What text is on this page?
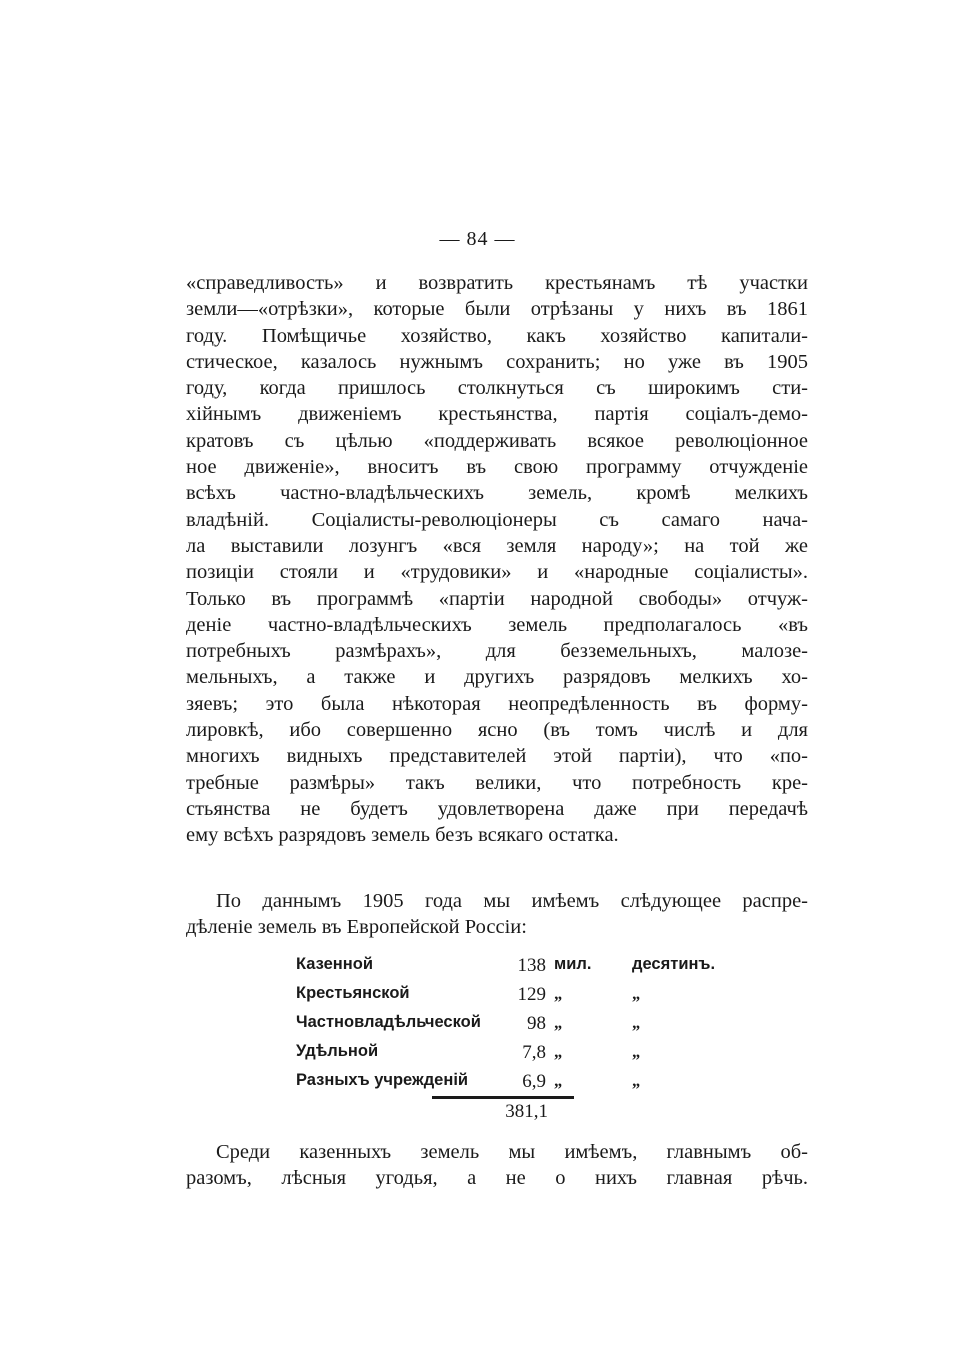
— 84 —
«справедливость» и возвратить крестьянамъ тѣ участки
земли—«отрѣзки», которые были отрѣзаны у нихъ въ 1861
году. Помѣщичье хозяйство, какъ хозяйство капитали-
стическое, казалось нужнымъ сохранить; но уже въ 1905
году, когда пришлось столкнуться съ широкимъ сти-
хійнымъ движеніемъ крестьянства, партія соціалъ-демо-
кратовъ съ цѣлью «поддерживать всякое революціонное
ное движеніе», вноситъ въ свою программу отчужденіе
всѣхъ частно-владѣльческихъ земель, кромѣ мелкихъ
владѣній. Соціалисты-революціонеры съ самаго нача-
ла выставили лозунгъ «вся земля народу»; на той же
позиціи стояли и «трудовики» и «народные соціалисты».
Только въ программѣ «партіи народной свободы» отчуж-
деніе частно-владѣльческихъ земель предполагалось «въ
потребныхъ размѣрахъ», для безземельныхъ, малозе-
мельныхъ, а также и другихъ разрядовъ мелкихъ хо-
зяевъ; это была нѣкоторая неопредѣленность въ форму-
лировкѣ, ибо совершенно ясно (въ томъ числѣ и для
многихъ видныхъ представителей этой партіи), что «по-
требные размѣры» такъ велики, что потребность кре-
стьянства не будетъ удовлетворена даже при передачѣ
ему всѣхъ разрядовъ земель безъ всякаго остатка.
По даннымъ 1905 года мы имѣемъ слѣдующее распре-
дѣленіе земель въ Европейской Россіи:
Казенной	138 мил. десятинъ.
Крестьянской	129 „	„
Частновладѣльческой	98 „	„
Удѣльной	7,8 „	„
Разныхъ учрежденій	6,9 „	„
381,1
Среди казенныхъ земель мы имѣемъ, главнымъ об-
разомъ, лѣсныя угодья, а не о нихъ главная рѣчь.
